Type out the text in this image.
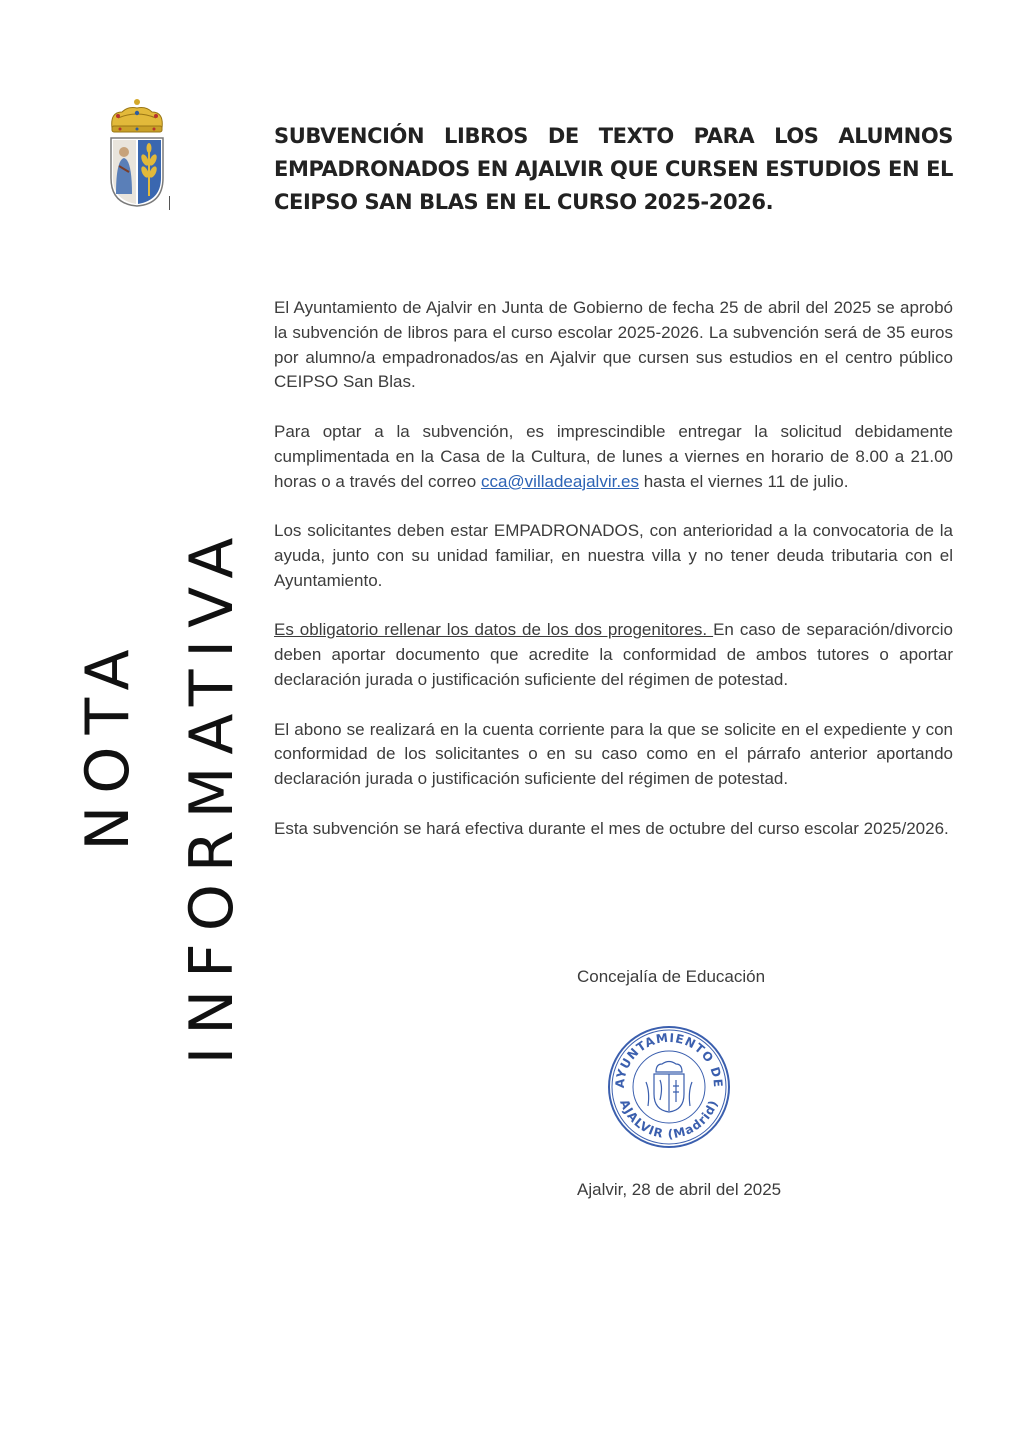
SUBVENCIÓN LIBROS DE TEXTO PARA LOS ALUMNOS EMPADRONADOS EN AJALVIR QUE CURSEN ESTUDIOS EN EL CEIPSO SAN BLAS EN EL CURSO 2025-2026.
NOTA INFORMATIVA

El Ayuntamiento de Ajalvir en Junta de Gobierno de fecha 25 de abril del 2025 se aprobó la subvención de libros para el curso escolar 2025-2026. La subvención será de 35 euros por alumno/a empadronados/as en Ajalvir que cursen sus estudios en el centro público CEIPSO San Blas.

Para optar a la subvención, es imprescindible entregar la solicitud debidamente cumplimentada en la Casa de la Cultura, de lunes a viernes en horario de 8.00 a 21.00 horas o a través del correo cca@villadeajalvir.es hasta el viernes 11 de julio.

Los solicitantes deben estar EMPADRONADOS, con anterioridad a la convocatoria de la ayuda, junto con su unidad familiar, en nuestra villa y no tener deuda tributaria con el Ayuntamiento.

Es obligatorio rellenar los datos de los dos progenitores. En caso de separación/divorcio deben aportar documento que acredite la conformidad de ambos tutores o aportar declaración jurada o justificación suficiente del régimen de potestad.

El abono se realizará en la cuenta corriente para la que se solicite en el expediente y con conformidad de los solicitantes o en su caso como en el párrafo anterior aportando declaración jurada o justificación suficiente del régimen de potestad.

Esta subvención se hará efectiva durante el mes de octubre del curso escolar 2025/2026.

Concejalía de Educación

AYUNTAMIENTO DE
AJALVIR (Madrid)

Ajalvir, 28 de abril del 2025
